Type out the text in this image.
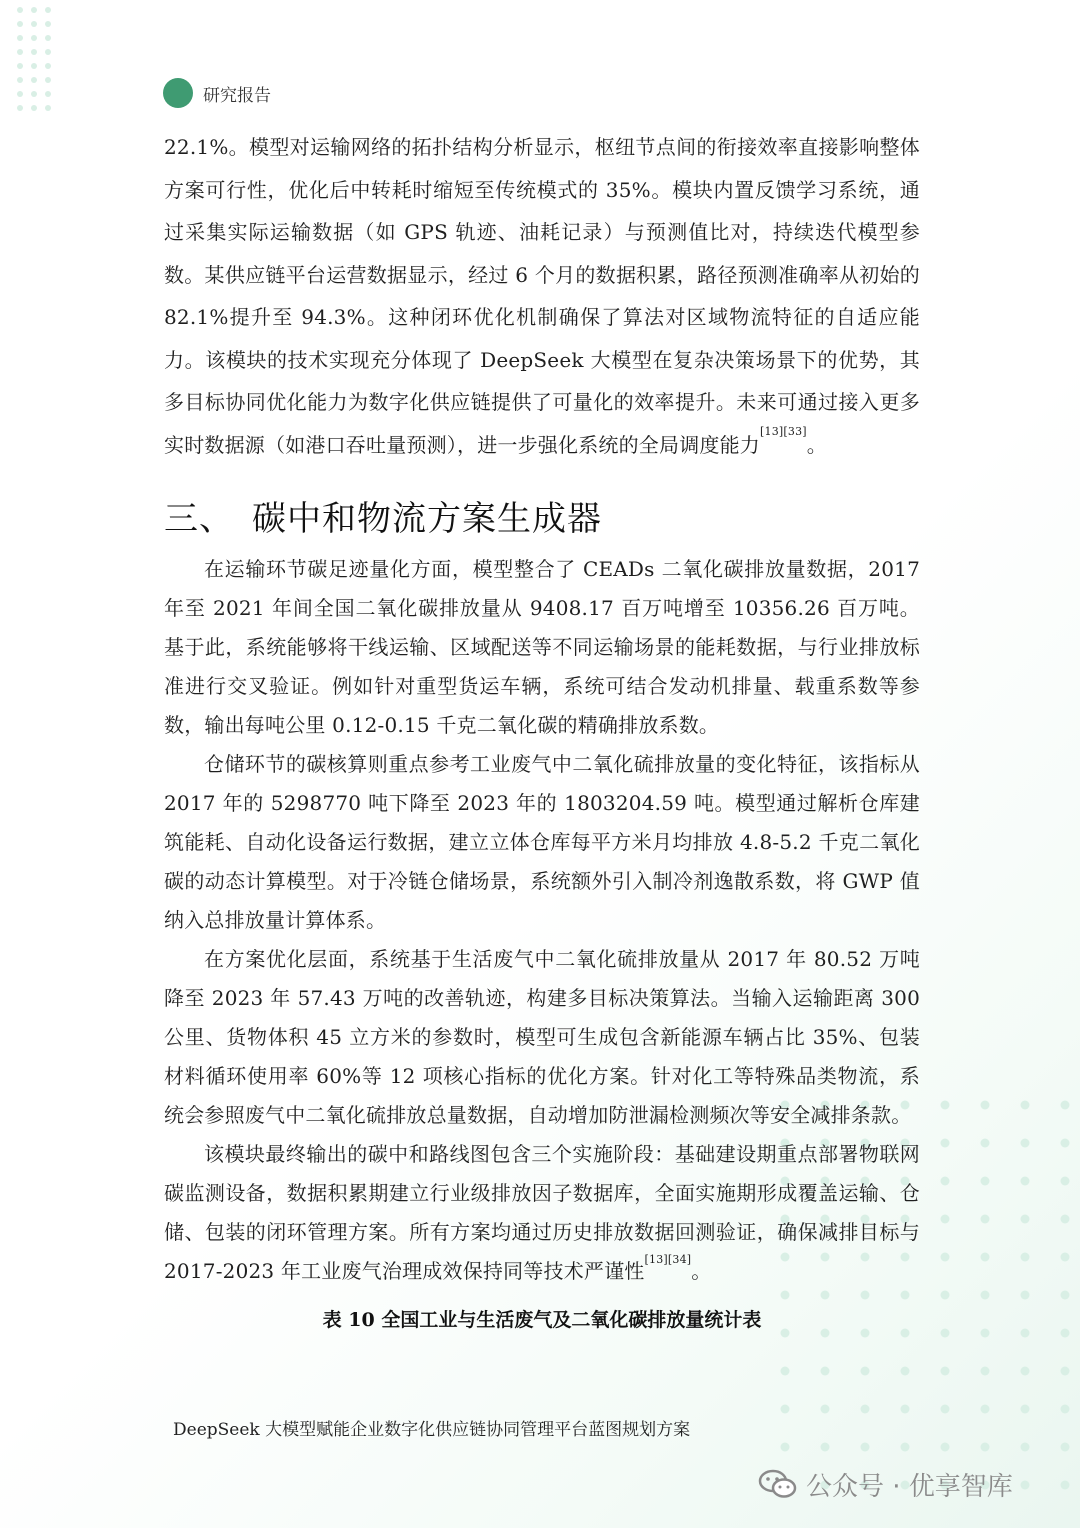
研究报告

22.1%。模型对运输网络的拓扑结构分析显示，枢纽节点间的衔接效率直接影响整体方案可行性，优化后中转耗时缩短至传统模式的 35%。模块内置反馈学习系统，通过采集实际运输数据（如 GPS 轨迹、油耗记录）与预测值比对，持续迭代模型参数。某供应链平台运营数据显示，经过 6 个月的数据积累，路径预测准确率从初始的 82.1%提升至 94.3%。这种闭环优化机制确保了算法对区域物流特征的自适应能力。该模块的技术实现充分体现了 DeepSeek 大模型在复杂决策场景下的优势，其多目标协同优化能力为数字化供应链提供了可量化的效率提升。未来可通过接入更多实时数据源（如港口吞吐量预测），进一步强化系统的全局调度能力[13][33]。

三、 碳中和物流方案生成器

在运输环节碳足迹量化方面，模型整合了 CEADs 二氧化碳排放量数据，2017 年至 2021 年间全国二氧化碳排放量从 9408.17 百万吨增至 10356.26 百万吨。基于此，系统能够将干线运输、区域配送等不同运输场景的能耗数据，与行业排放标准进行交叉验证。例如针对重型货运车辆，系统可结合发动机排量、载重系数等参数，输出每吨公里 0.12-0.15 千克二氧化碳的精确排放系数。

仓储环节的碳核算则重点参考工业废气中二氧化硫排放量的变化特征，该指标从 2017 年的 5298770 吨下降至 2023 年的 1803204.59 吨。模型通过解析仓库建筑能耗、自动化设备运行数据，建立立体仓库每平方米月均排放 4.8-5.2 千克二氧化碳的动态计算模型。对于冷链仓储场景，系统额外引入制冷剂逸散系数，将 GWP 值纳入总排放量计算体系。

在方案优化层面，系统基于生活废气中二氧化硫排放量从 2017 年 80.52 万吨降至 2023 年 57.43 万吨的改善轨迹，构建多目标决策算法。当输入运输距离 300 公里、货物体积 45 立方米的参数时，模型可生成包含新能源车辆占比 35%、包装材料循环使用率 60%等 12 项核心指标的优化方案。针对化工等特殊品类物流，系统会参照废气中二氧化硫排放总量数据，自动增加防泄漏检测频次等安全减排条款。

该模块最终输出的碳中和路线图包含三个实施阶段：基础建设期重点部署物联网碳监测设备，数据积累期建立行业级排放因子数据库，全面实施期形成覆盖运输、仓储、包装的闭环管理方案。所有方案均通过历史排放数据回测验证，确保减排目标与 2017-2023 年工业废气治理成效保持同等技术严谨性[13][34]。

表 10 全国工业与生活废气及二氧化碳排放量统计表
DeepSeek 大模型赋能企业数字化供应链协同管理平台蓝图规划方案
公众号 · 优享智库
